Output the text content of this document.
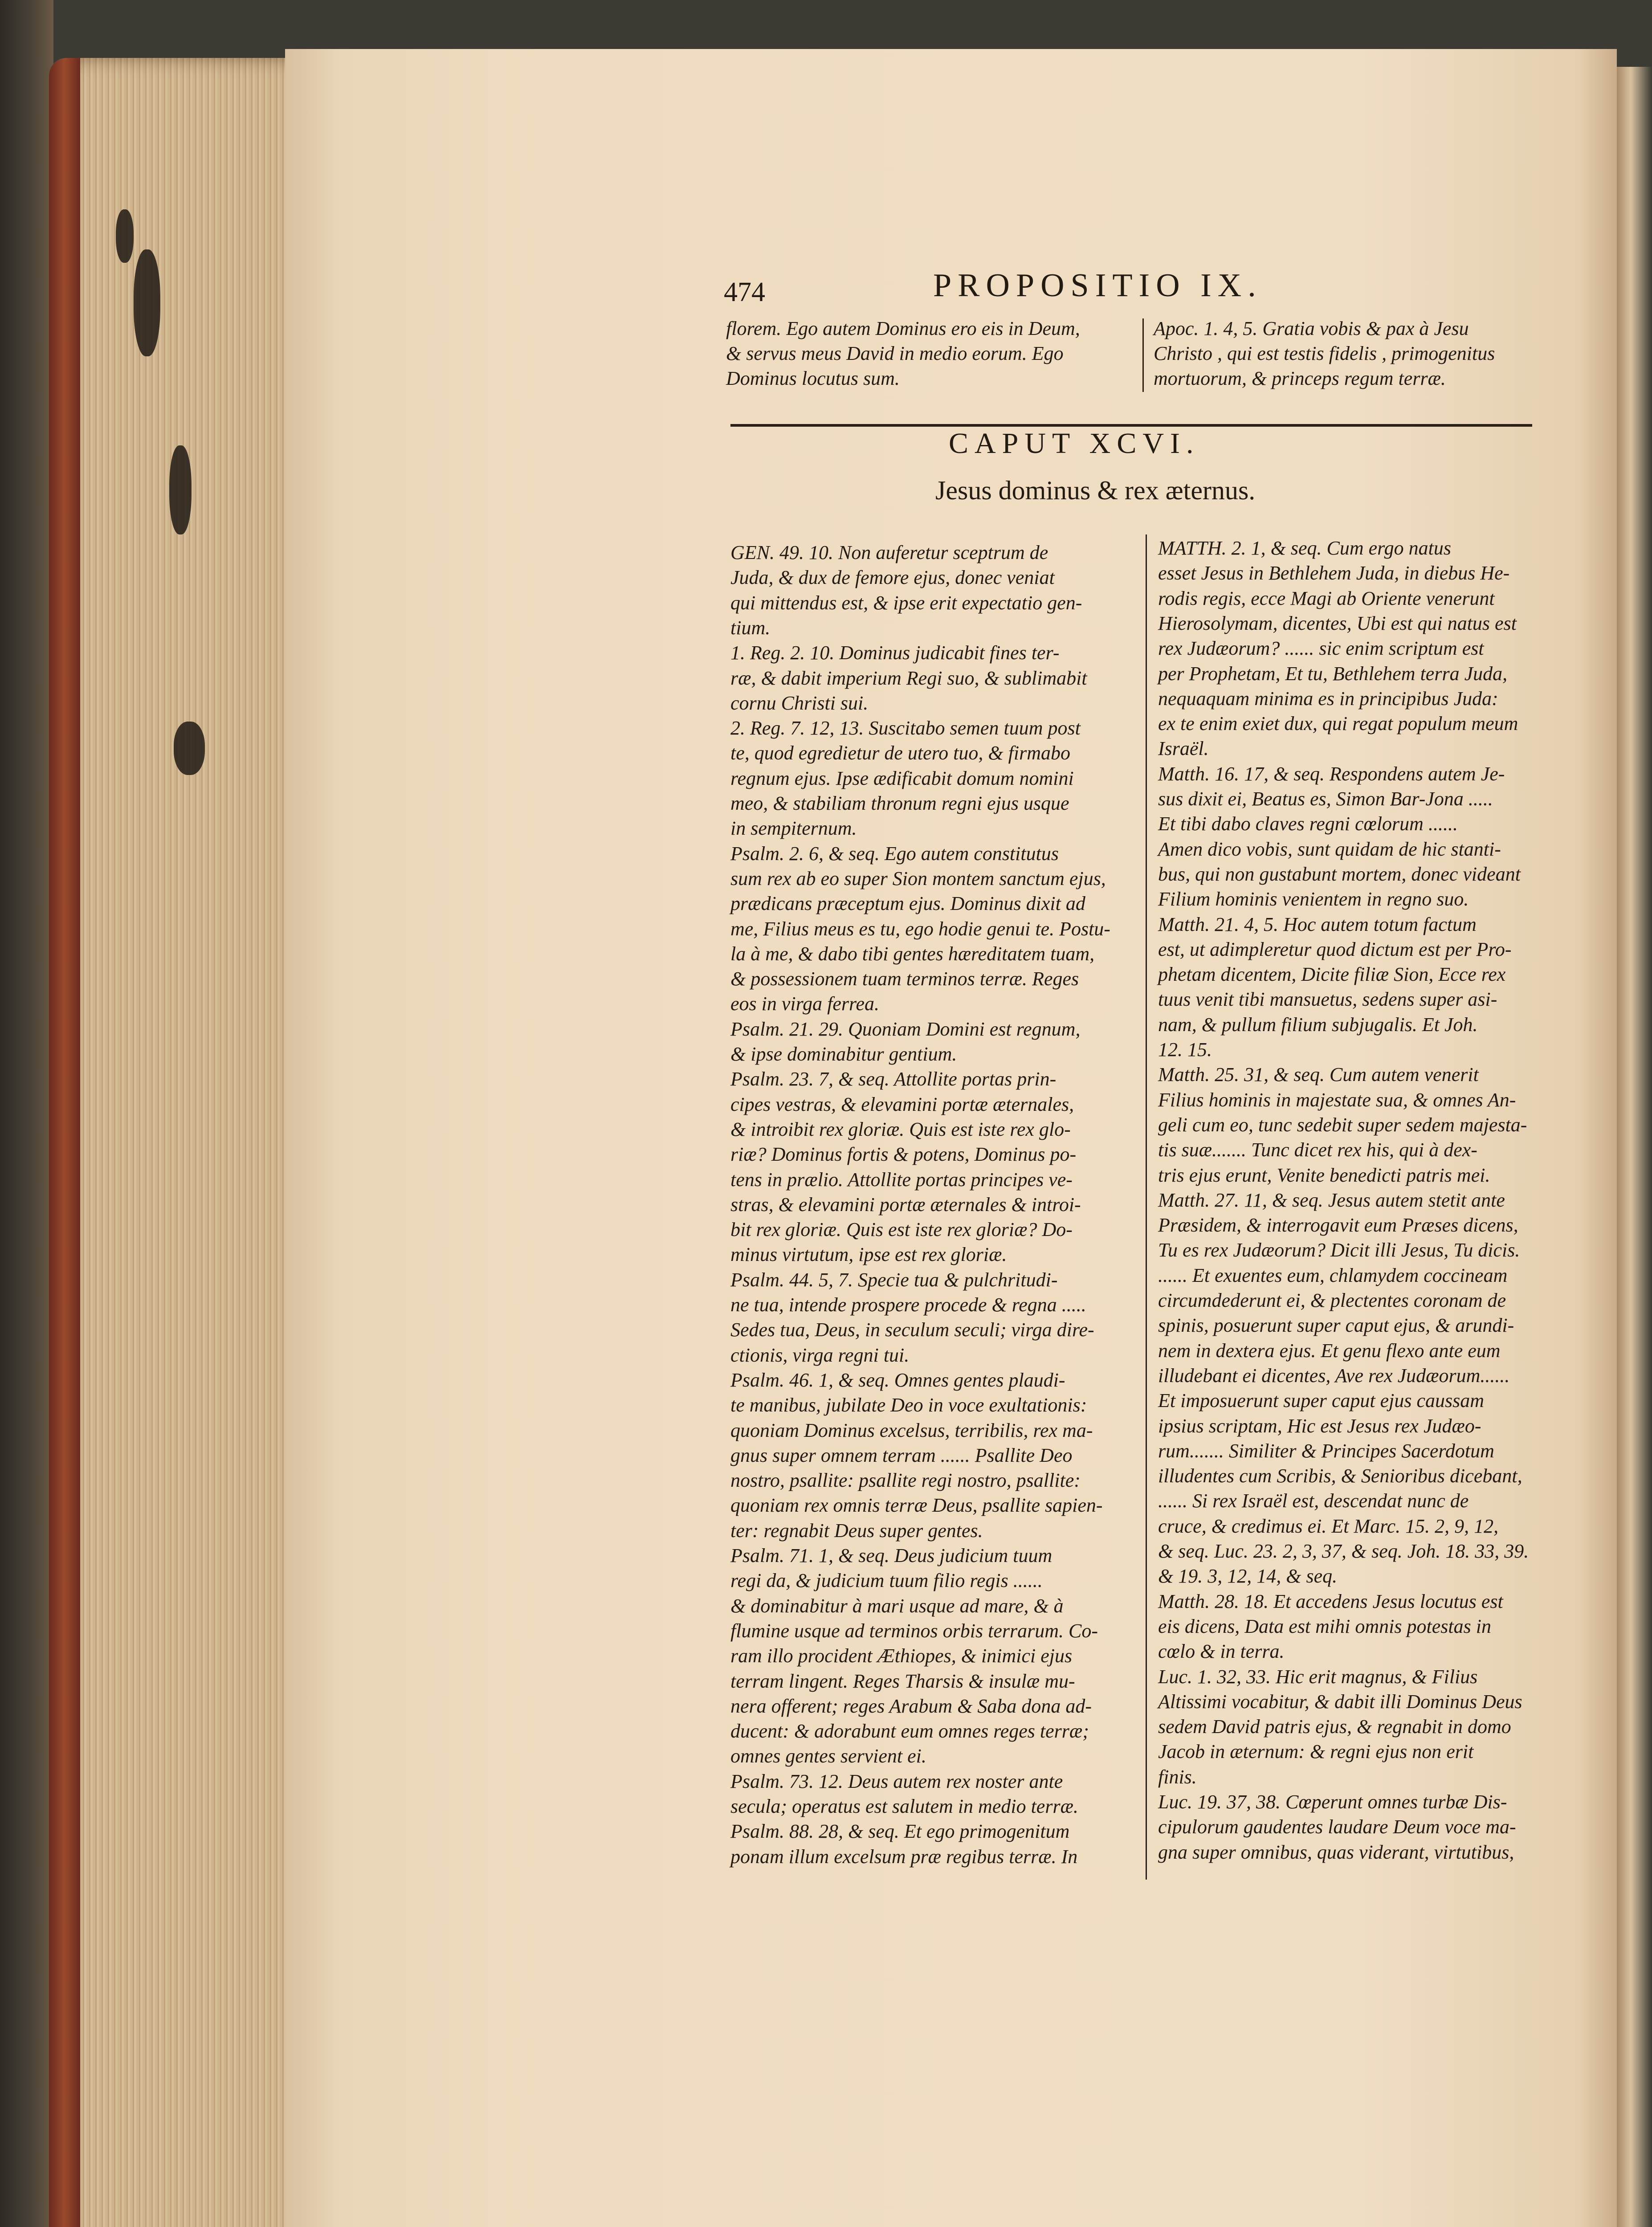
474	PROPOSITIO IX.
florem. Ego autem Dominus ero eis in Deum,
& servus meus David in medio eorum. Ego
Dominus locutus sum.
Apoc. 1. 4, 5. Gratia vobis & pax à Jesu
Christo , qui est testis fidelis , primogenitus
mortuorum, & princeps regum terræ.
CAPUT XCVI.
Jesus dominus & rex æternus.
GEN. 49. 10. Non auferetur sceptrum de
Juda, & dux de femore ejus, donec veniat
qui mittendus est, & ipse erit expectatio gen-
tium.
1. Reg. 2. 10. Dominus judicabit fines ter-
ræ, & dabit imperium Regi suo, & sublimabit
cornu Christi sui.
2. Reg. 7. 12, 13. Suscitabo semen tuum post
te, quod egredietur de utero tuo, & firmabo
regnum ejus. Ipse ædificabit domum nomini
meo, & stabiliam thronum regni ejus usque
in sempiternum.
Psalm. 2. 6, & seq. Ego autem constitutus
sum rex ab eo super Sion montem sanctum ejus,
prædicans præceptum ejus. Dominus dixit ad
me, Filius meus es tu, ego hodie genui te. Postu-
la à me, & dabo tibi gentes hæreditatem tuam,
& possessionem tuam terminos terræ. Reges
eos in virga ferrea.
Psalm. 21. 29. Quoniam Domini est regnum,
& ipse dominabitur gentium.
Psalm. 23. 7, & seq. Attollite portas prin-
cipes vestras, & elevamini portæ æternales,
& introibit rex gloriæ. Quis est iste rex glo-
riæ? Dominus fortis & potens, Dominus po-
tens in prælio. Attollite portas principes ve-
stras, & elevamini portæ æternales & introi-
bit rex gloriæ. Quis est iste rex gloriæ? Do-
minus virtutum, ipse est rex gloriæ.
Psalm. 44. 5, 7. Specie tua & pulchritudi-
ne tua, intende prospere procede & regna .....
Sedes tua, Deus, in seculum seculi; virga dire-
ctionis, virga regni tui.
Psalm. 46. 1, & seq. Omnes gentes plaudi-
te manibus, jubilate Deo in voce exultationis:
quoniam Dominus excelsus, terribilis, rex ma-
gnus super omnem terram ...... Psallite Deo
nostro, psallite: psallite regi nostro, psallite:
quoniam rex omnis terræ Deus, psallite sapien-
ter: regnabit Deus super gentes.
Psalm. 71. 1, & seq. Deus judicium tuum
regi da, & judicium tuum filio regis ......
& dominabitur à mari usque ad mare, & à
flumine usque ad terminos orbis terrarum. Co-
ram illo procident Æthiopes, & inimici ejus
terram lingent. Reges Tharsis & insulæ mu-
nera offerent; reges Arabum & Saba dona ad-
ducent: & adorabunt eum omnes reges terræ;
omnes gentes servient ei.
Psalm. 73. 12. Deus autem rex noster ante
secula; operatus est salutem in medio terræ.
Psalm. 88. 28, & seq. Et ego primogenitum
ponam illum excelsum præ regibus terræ. In
MATTH. 2. 1, & seq. Cum ergo natus
esset Jesus in Bethlehem Juda, in diebus He-
rodis regis, ecce Magi ab Oriente venerunt
Hierosolymam, dicentes, Ubi est qui natus est
rex Judæorum? ...... sic enim scriptum est
per Prophetam, Et tu, Bethlehem terra Juda,
nequaquam minima es in principibus Juda:
ex te enim exiet dux, qui regat populum meum
Israël.
Matth. 16. 17, & seq. Respondens autem Je-
sus dixit ei, Beatus es, Simon Bar-Jona .....
Et tibi dabo claves regni cœlorum ......
Amen dico vobis, sunt quidam de hic stanti-
bus, qui non gustabunt mortem, donec videant
Filium hominis venientem in regno suo.
Matth. 21. 4, 5. Hoc autem totum factum
est, ut adimpleretur quod dictum est per Pro-
phetam dicentem, Dicite filiæ Sion, Ecce rex
tuus venit tibi mansuetus, sedens super asi-
nam, & pullum filium subjugalis. Et Joh.
12. 15.
Matth. 25. 31, & seq. Cum autem venerit
Filius hominis in majestate sua, & omnes An-
geli cum eo, tunc sedebit super sedem majesta-
tis suæ....... Tunc dicet rex his, qui à dex-
tris ejus erunt, Venite benedicti patris mei.
Matth. 27. 11, & seq. Jesus autem stetit ante
Præsidem, & interrogavit eum Præses dicens,
Tu es rex Judæorum? Dicit illi Jesus, Tu dicis.
...... Et exuentes eum, chlamydem coccineam
circumdederunt ei, & plectentes coronam de
spinis, posuerunt super caput ejus, & arundi-
nem in dextera ejus. Et genu flexo ante eum
illudebant ei dicentes, Ave rex Judæorum......
Et imposuerunt super caput ejus caussam
ipsius scriptam, Hic est Jesus rex Judæo-
rum....... Similiter & Principes Sacerdotum
illudentes cum Scribis, & Senioribus dicebant,
...... Si rex Israël est, descendat nunc de
cruce, & credimus ei. Et Marc. 15. 2, 9, 12,
& seq. Luc. 23. 2, 3, 37, & seq. Joh. 18. 33, 39.
& 19. 3, 12, 14, & seq.
Matth. 28. 18. Et accedens Jesus locutus est
eis dicens, Data est mihi omnis potestas in
cœlo & in terra.
Luc. 1. 32, 33. Hic erit magnus, & Filius
Altissimi vocabitur, & dabit illi Dominus Deus
sedem David patris ejus, & regnabit in domo
Jacob in æternum: & regni ejus non erit
finis.
Luc. 19. 37, 38. Cœperunt omnes turbæ Dis-
cipulorum gaudentes laudare Deum voce ma-
gna super omnibus, quas viderant, virtutibus,
